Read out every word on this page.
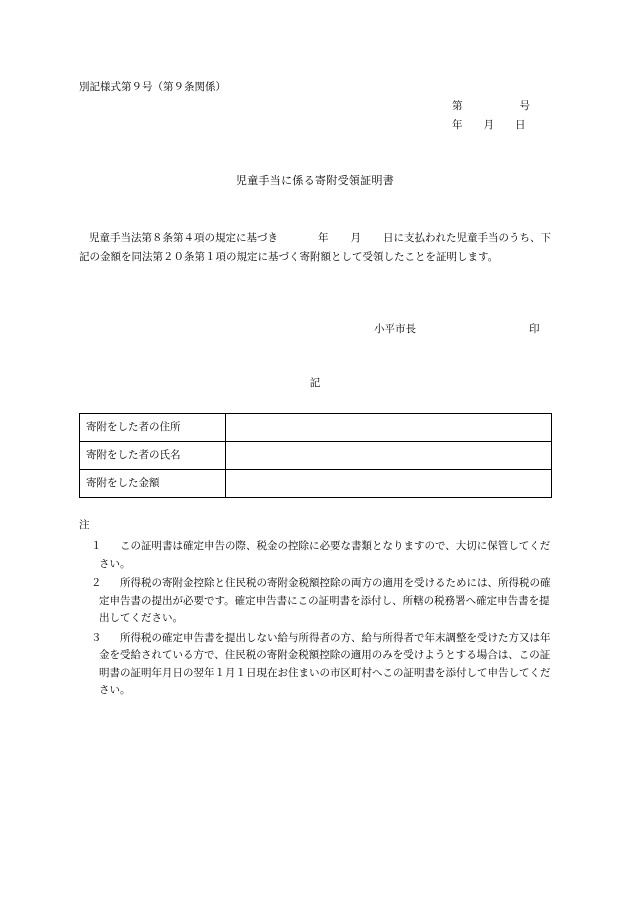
別記様式第９号（第９条関係）
第	号
年 月 日
児童手当に係る寄附受領証明書
児童手当法第８条第４項の規定に基づき	年 月 日に支払われた児童手当のうち、下記の金額を同法第２０条第１項の規定に基づく寄附額として受領したことを証明します。
小平市長	印
記
寄附をした者の住所	
寄附をした者の氏名	
寄附をした金額	
注
１ この証明書は確定申告の際、税金の控除に必要な書類となりますので、大切に保管してください。
２ 所得税の寄附金控除と住民税の寄附金税額控除の両方の適用を受けるためには、所得税の確定申告書の提出が必要です。確定申告書にこの証明書を添付し、所轄の税務署へ確定申告書を提出してください。
３ 所得税の確定申告書を提出しない給与所得者の方、給与所得者で年末調整を受けた方又は年金を受給されている方で、住民税の寄附金税額控除の適用のみを受けようとする場合は、この証明書の証明年月日の翌年１月１日現在お住まいの市区町村へこの証明書を添付して申告してください。
